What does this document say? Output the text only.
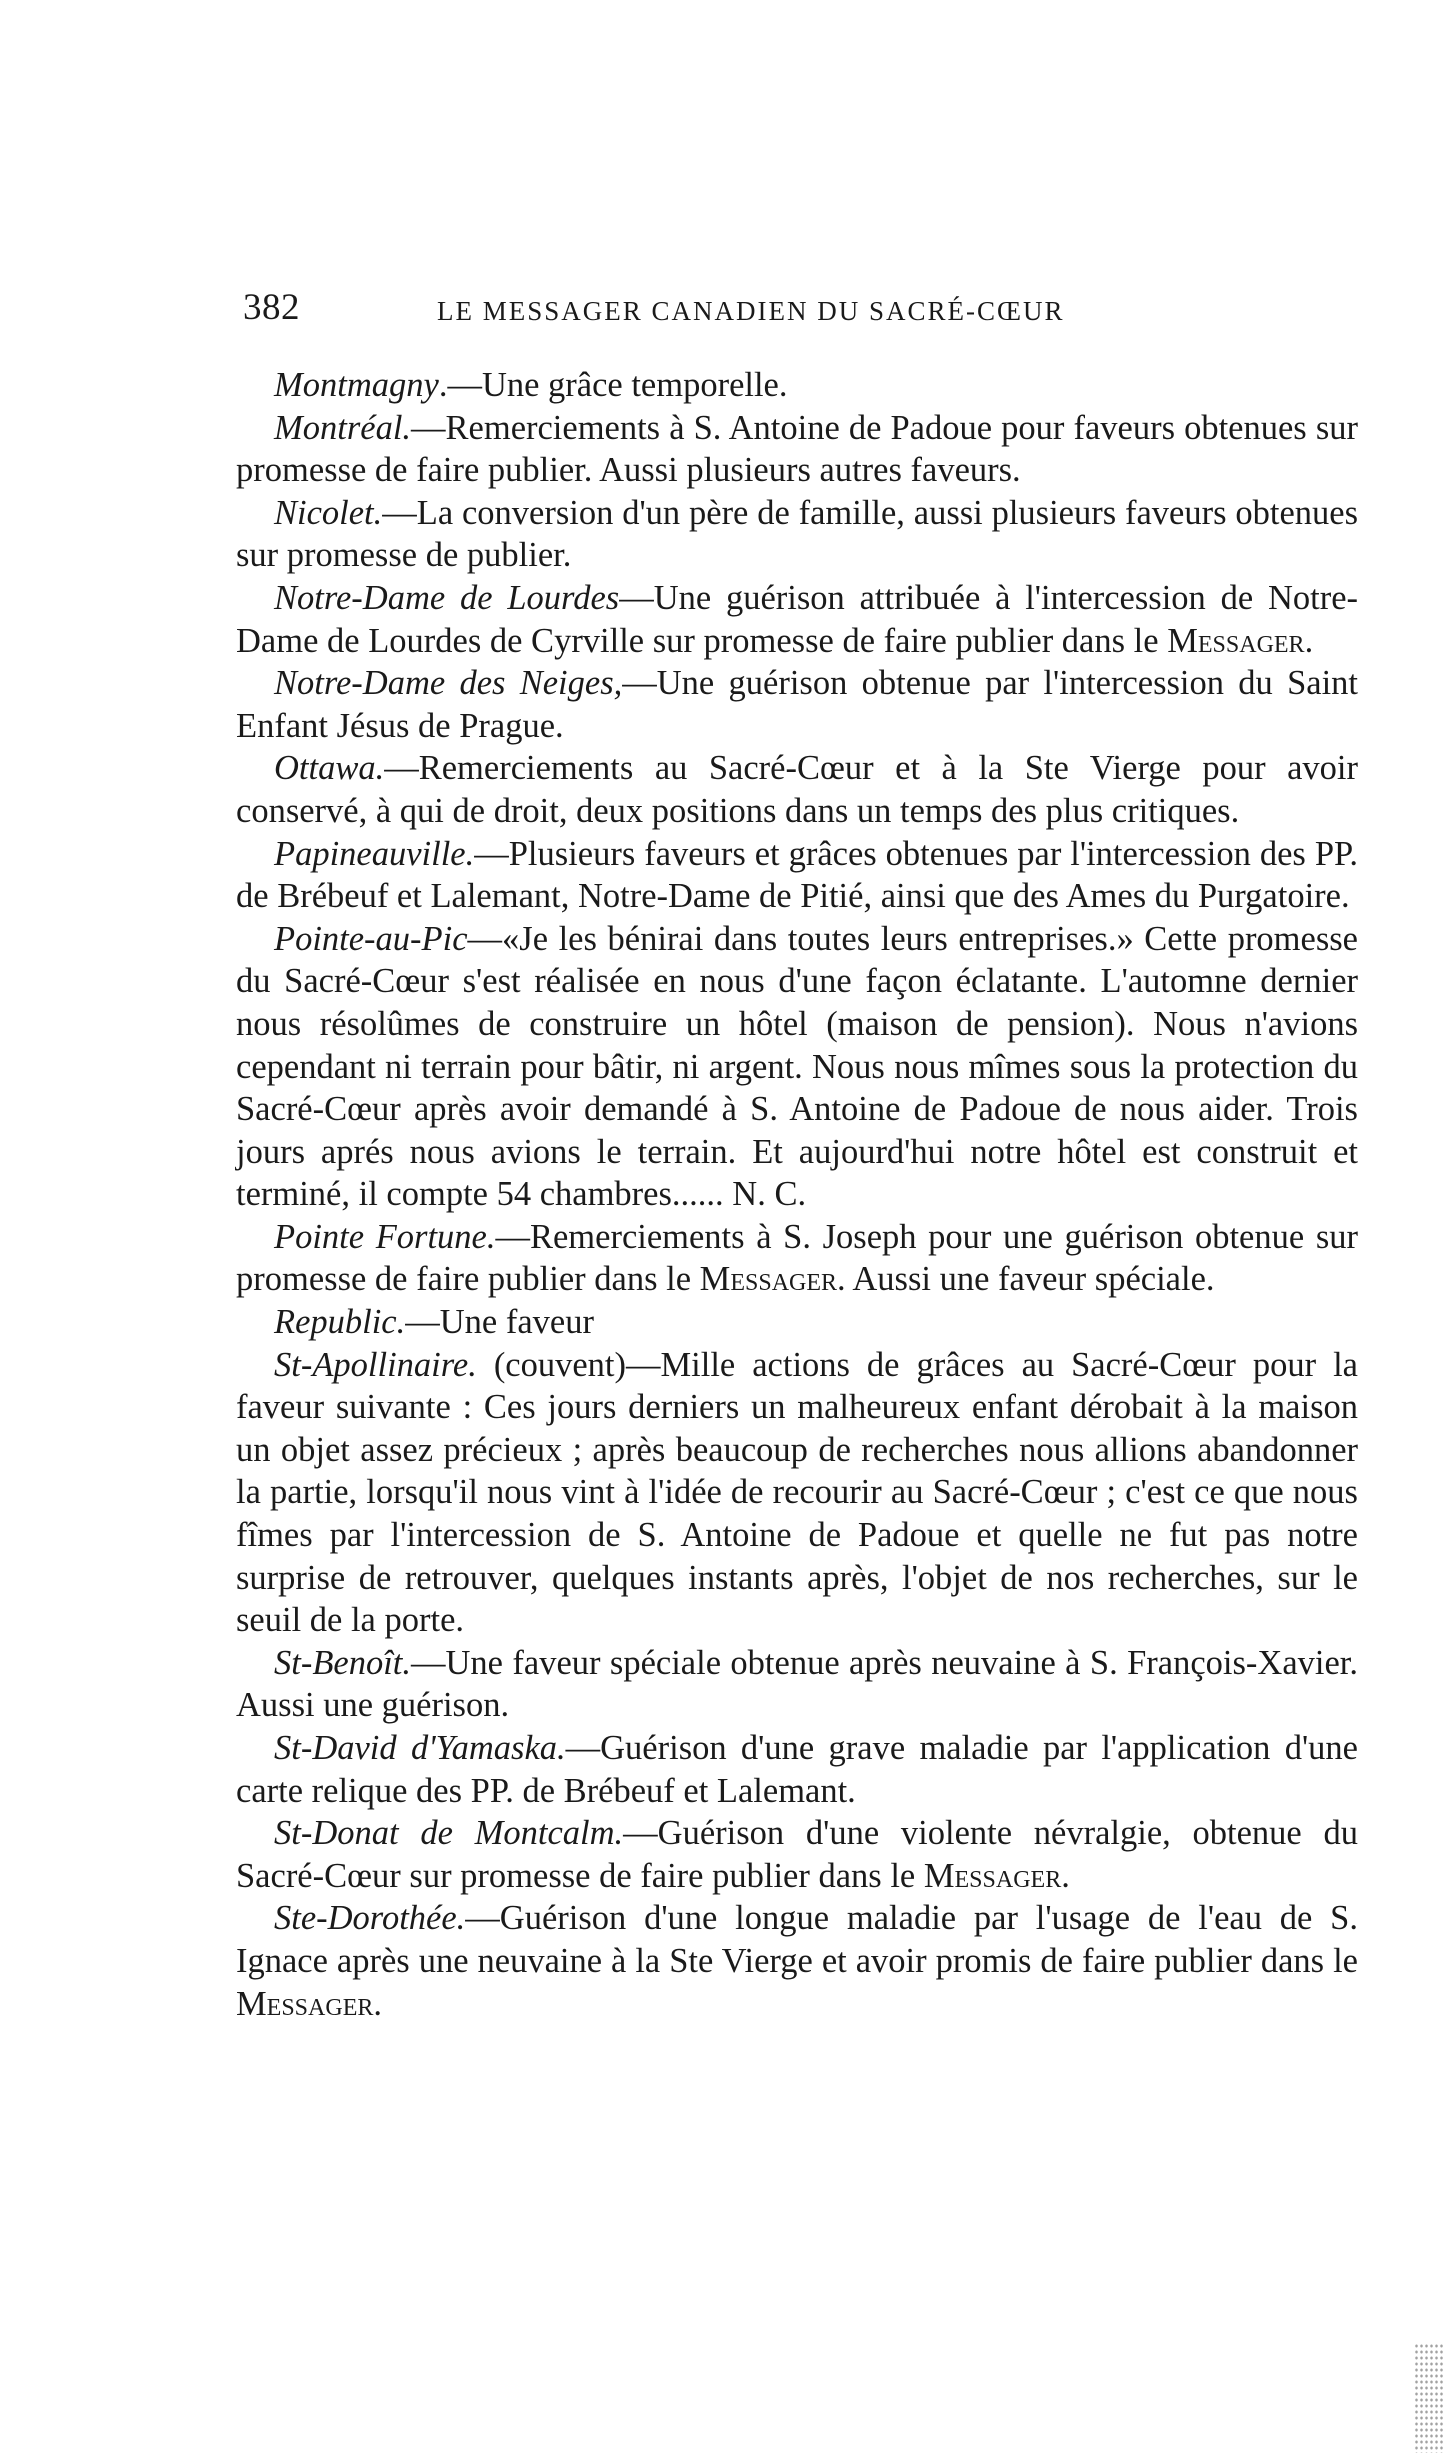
382	LE MESSAGER CANADIEN DU SACRÉ-CŒUR

Montmagny.—Une grâce temporelle.

Montréal.—Remerciements à S. Antoine de Padoue pour faveurs obtenues sur promesse de faire publier. Aussi plusieurs autres faveurs.

Nicolet.—La conversion d'un père de famille, aussi plusieurs faveurs obtenues sur promesse de publier.

Notre-Dame de Lourdes—Une guérison attribuée à l'intercession de Notre-Dame de Lourdes de Cyrville sur promesse de faire publier dans le Messager.

Notre-Dame des Neiges,—Une guérison obtenue par l'intercession du Saint Enfant Jésus de Prague.

Ottawa.—Remerciements au Sacré-Cœur et à la Ste Vierge pour avoir conservé, à qui de droit, deux positions dans un temps des plus critiques.

Papineauville.—Plusieurs faveurs et grâces obtenues par l'intercession des PP. de Brébeuf et Lalemant, Notre-Dame de Pitié, ainsi que des Ames du Purgatoire.

Pointe-au-Pic—«Je les bénirai dans toutes leurs entreprises.» Cette promesse du Sacré-Cœur s'est réalisée en nous d'une façon éclatante. L'automne dernier nous résolûmes de construire un hôtel (maison de pension). Nous n'avions cependant ni terrain pour bâtir, ni argent. Nous nous mîmes sous la protection du Sacré-Cœur après avoir demandé à S. Antoine de Padoue de nous aider. Trois jours aprés nous avions le terrain. Et aujourd'hui notre hôtel est construit et terminé, il compte 54 chambres...... N. C.

Pointe Fortune.—Remerciements à S. Joseph pour une guérison obtenue sur promesse de faire publier dans le Messager. Aussi une faveur spéciale.

Republic.—Une faveur

St-Apollinaire. (couvent)—Mille actions de grâces au Sacré-Cœur pour la faveur suivante : Ces jours derniers un malheureux enfant dérobait à la maison un objet assez précieux ; après beaucoup de recherches nous allions abandonner la partie, lorsqu'il nous vint à l'idée de recourir au Sacré-Cœur ; c'est ce que nous fîmes par l'intercession de S. Antoine de Padoue et quelle ne fut pas notre surprise de retrouver, quelques instants après, l'objet de nos recherches, sur le seuil de la porte.

St-Benoît.—Une faveur spéciale obtenue après neuvaine à S. François-Xavier. Aussi une guérison.

St-David d'Yamaska.—Guérison d'une grave maladie par l'application d'une carte relique des PP. de Brébeuf et Lalemant.

St-Donat de Montcalm.—Guérison d'une violente névralgie, obtenue du Sacré-Cœur sur promesse de faire publier dans le Messager.

Ste-Dorothée.—Guérison d'une longue maladie par l'usage de l'eau de S. Ignace après une neuvaine à la Ste Vierge et avoir promis de faire publier dans le Messager.
